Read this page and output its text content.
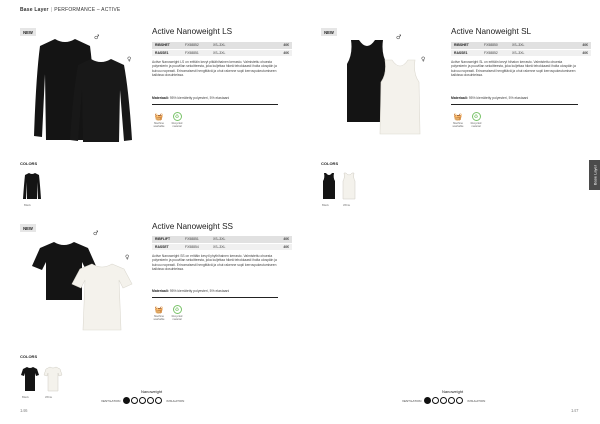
Base Layer | PERFORMANCE – ACTIVE
Base Layer
NEW
♂
♀
Active Nanoweight LS
RIBSHET	FX58852	XS–3XL	40€
RASSE1	FX58851	XS–3XL	40€
Active Nanoweight LS on erittäin kevyt pitkähihainen kerrasto. Valmistettu ohuesta polyesterin ja puuvillan sekoitteesta, joka kuljettaa hikeä tehokkaasti iholta ulospäin ja kuivuu nopeasti. Erinomaisesti hengittävä ja ohut rakenne sopii kerrospukeutumiseen kaikissa olosuhteissa.
Materiaali: 95% kierrätetty polyesteri, 5% elastaani
🧺
Machine washable
♻
Recycled material
COLORS
Black
NEW
♂
♀
Active Nanoweight SL
RIBSHET	FX58850	XS–3XL	40€
RASSE1	FX58852	XS–3XL	40€
Active Nanoweight SL on erittäin kevyt hihaton kerrasto. Valmistettu ohuesta polyesterin ja puuvillan sekoitteesta, joka kuljettaa hikeä tehokkaasti iholta ulospäin ja kuivuu nopeasti. Erinomaisesti hengittävä ja ohut rakenne sopii kerrospukeutumiseen kaikissa olosuhteissa.
Materiaali: 95% kierrätetty polyesteri, 5% elastaani
🧺
Machine washable
♻
Recycled material
COLORS
Black	White
NEW
♂
♀
Active Nanoweight SS
RIBFLIFT	FX58851	XS–3XL	40€
RASSET	FX58854	XS–3XL	40€
Active Nanoweight SS on erittäin kevyt lyhythihainen kerrasto. Valmistettu ohuesta polyesterin ja puuvillan sekoitteesta, joka kuljettaa hikeä tehokkaasti iholta ulospäin ja kuivuu nopeasti. Erinomaisesti hengittävä ja ohut rakenne sopii kerrospukeutumiseen kaikissa olosuhteissa.
Materiaali: 95% kierrätetty polyesteri, 5% elastaani
🧺
Machine washable
♻
Recycled material
COLORS
Black	White
Nanoweight
VENTILATION	INSULATION
Nanoweight
VENTILATION	INSULATION
146	147
